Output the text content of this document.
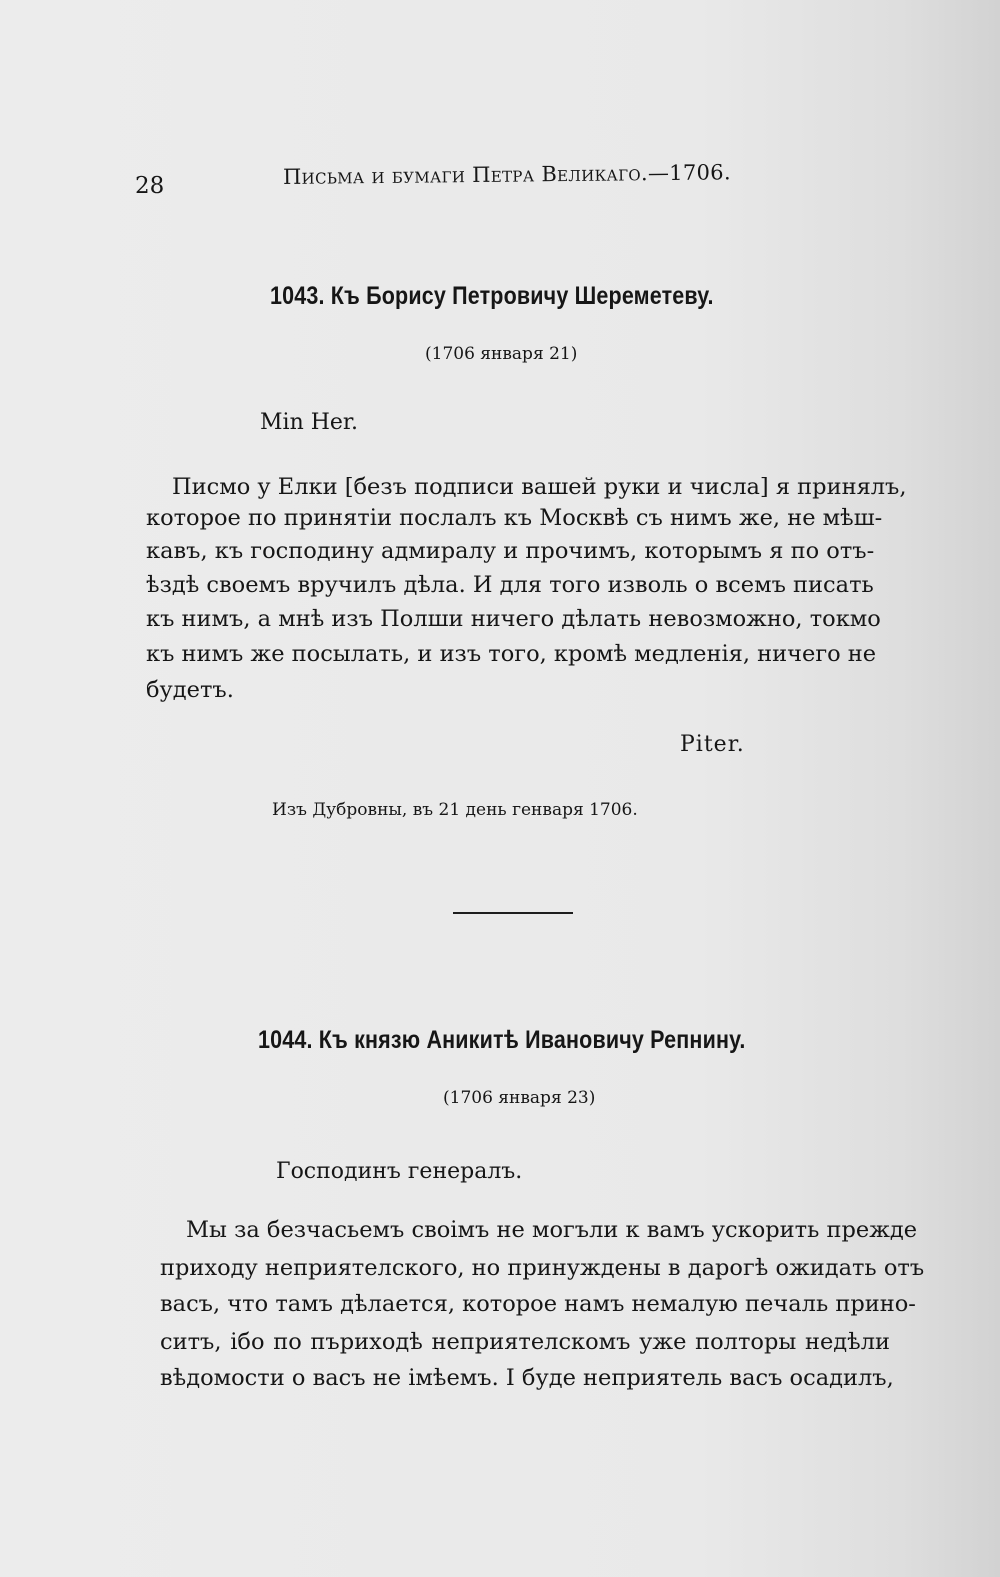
28	Письма и бумаги Петра Великаго.—1706.
1043. Къ Борису Петровичу Шереметеву.
(1706 января 21)
Min Her.
Писмо у Елки [безъ подписи вашей руки и числа] я принялъ,
которое по принятiи послалъ къ Москвѣ съ нимъ же, не мѣш-
кавъ, къ господину адмиралу и прочимъ, которымъ я по отъ-
ѣздѣ своемъ вручилъ дѣла. И для того изволь о всемъ писать
къ нимъ, а мнѣ изъ Полши ничего дѣлать невозможно, токмо
къ нимъ же посылать, и изъ того, кромѣ медленiя, ничего не
будетъ.
Piter.
Изъ Дубровны, въ 21 день генваря 1706.
1044. Къ князю Аникитѣ Ивановичу Репнину.
(1706 января 23)
Господинъ генералъ.
Мы за безчасьемъ своiмъ не могъли к вамъ ускорить прежде
приходу неприятелского, но принуждены в дарогѣ ожидать отъ
васъ, что тамъ дѣлается, которое намъ немалую печаль прино-
ситъ, iбо по пъриходѣ неприятелскомъ уже полторы недѣли
вѣдомости о васъ не iмѣемъ. I буде неприятель васъ осадилъ,
